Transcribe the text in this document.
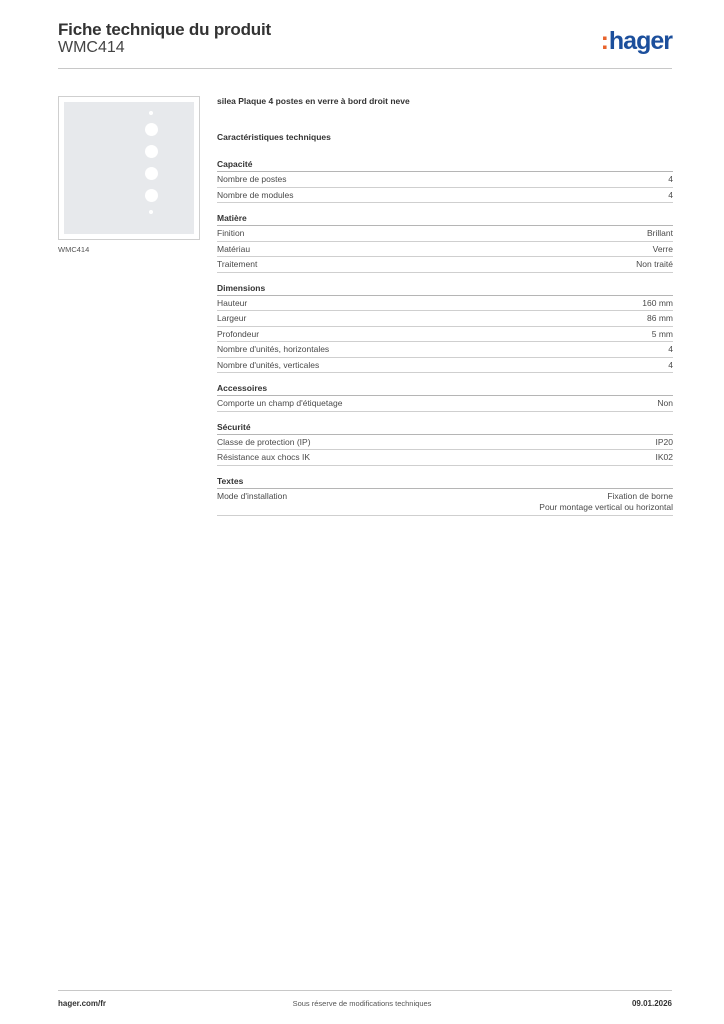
Fiche technique du produit
WMC414	:hager
WMC414
silea Plaque 4 postes en verre à bord droit neve
Caractéristiques techniques
Capacité
Nombre de postes	4
Nombre de modules	4
Matière
Finition	Brillant
Matériau	Verre
Traitement	Non traité
Dimensions
Hauteur	160 mm
Largeur	86 mm
Profondeur	5 mm
Nombre d'unités, horizontales	4
Nombre d'unités, verticales	4
Accessoires
Comporte un champ d'étiquetage	Non
Sécurité
Classe de protection (IP)	IP20
Résistance aux chocs IK	IK02
Textes
Mode d'installation	Fixation de borne
Pour montage vertical ou horizontal
hager.com/fr	Sous réserve de modifications techniques	09.01.2026
